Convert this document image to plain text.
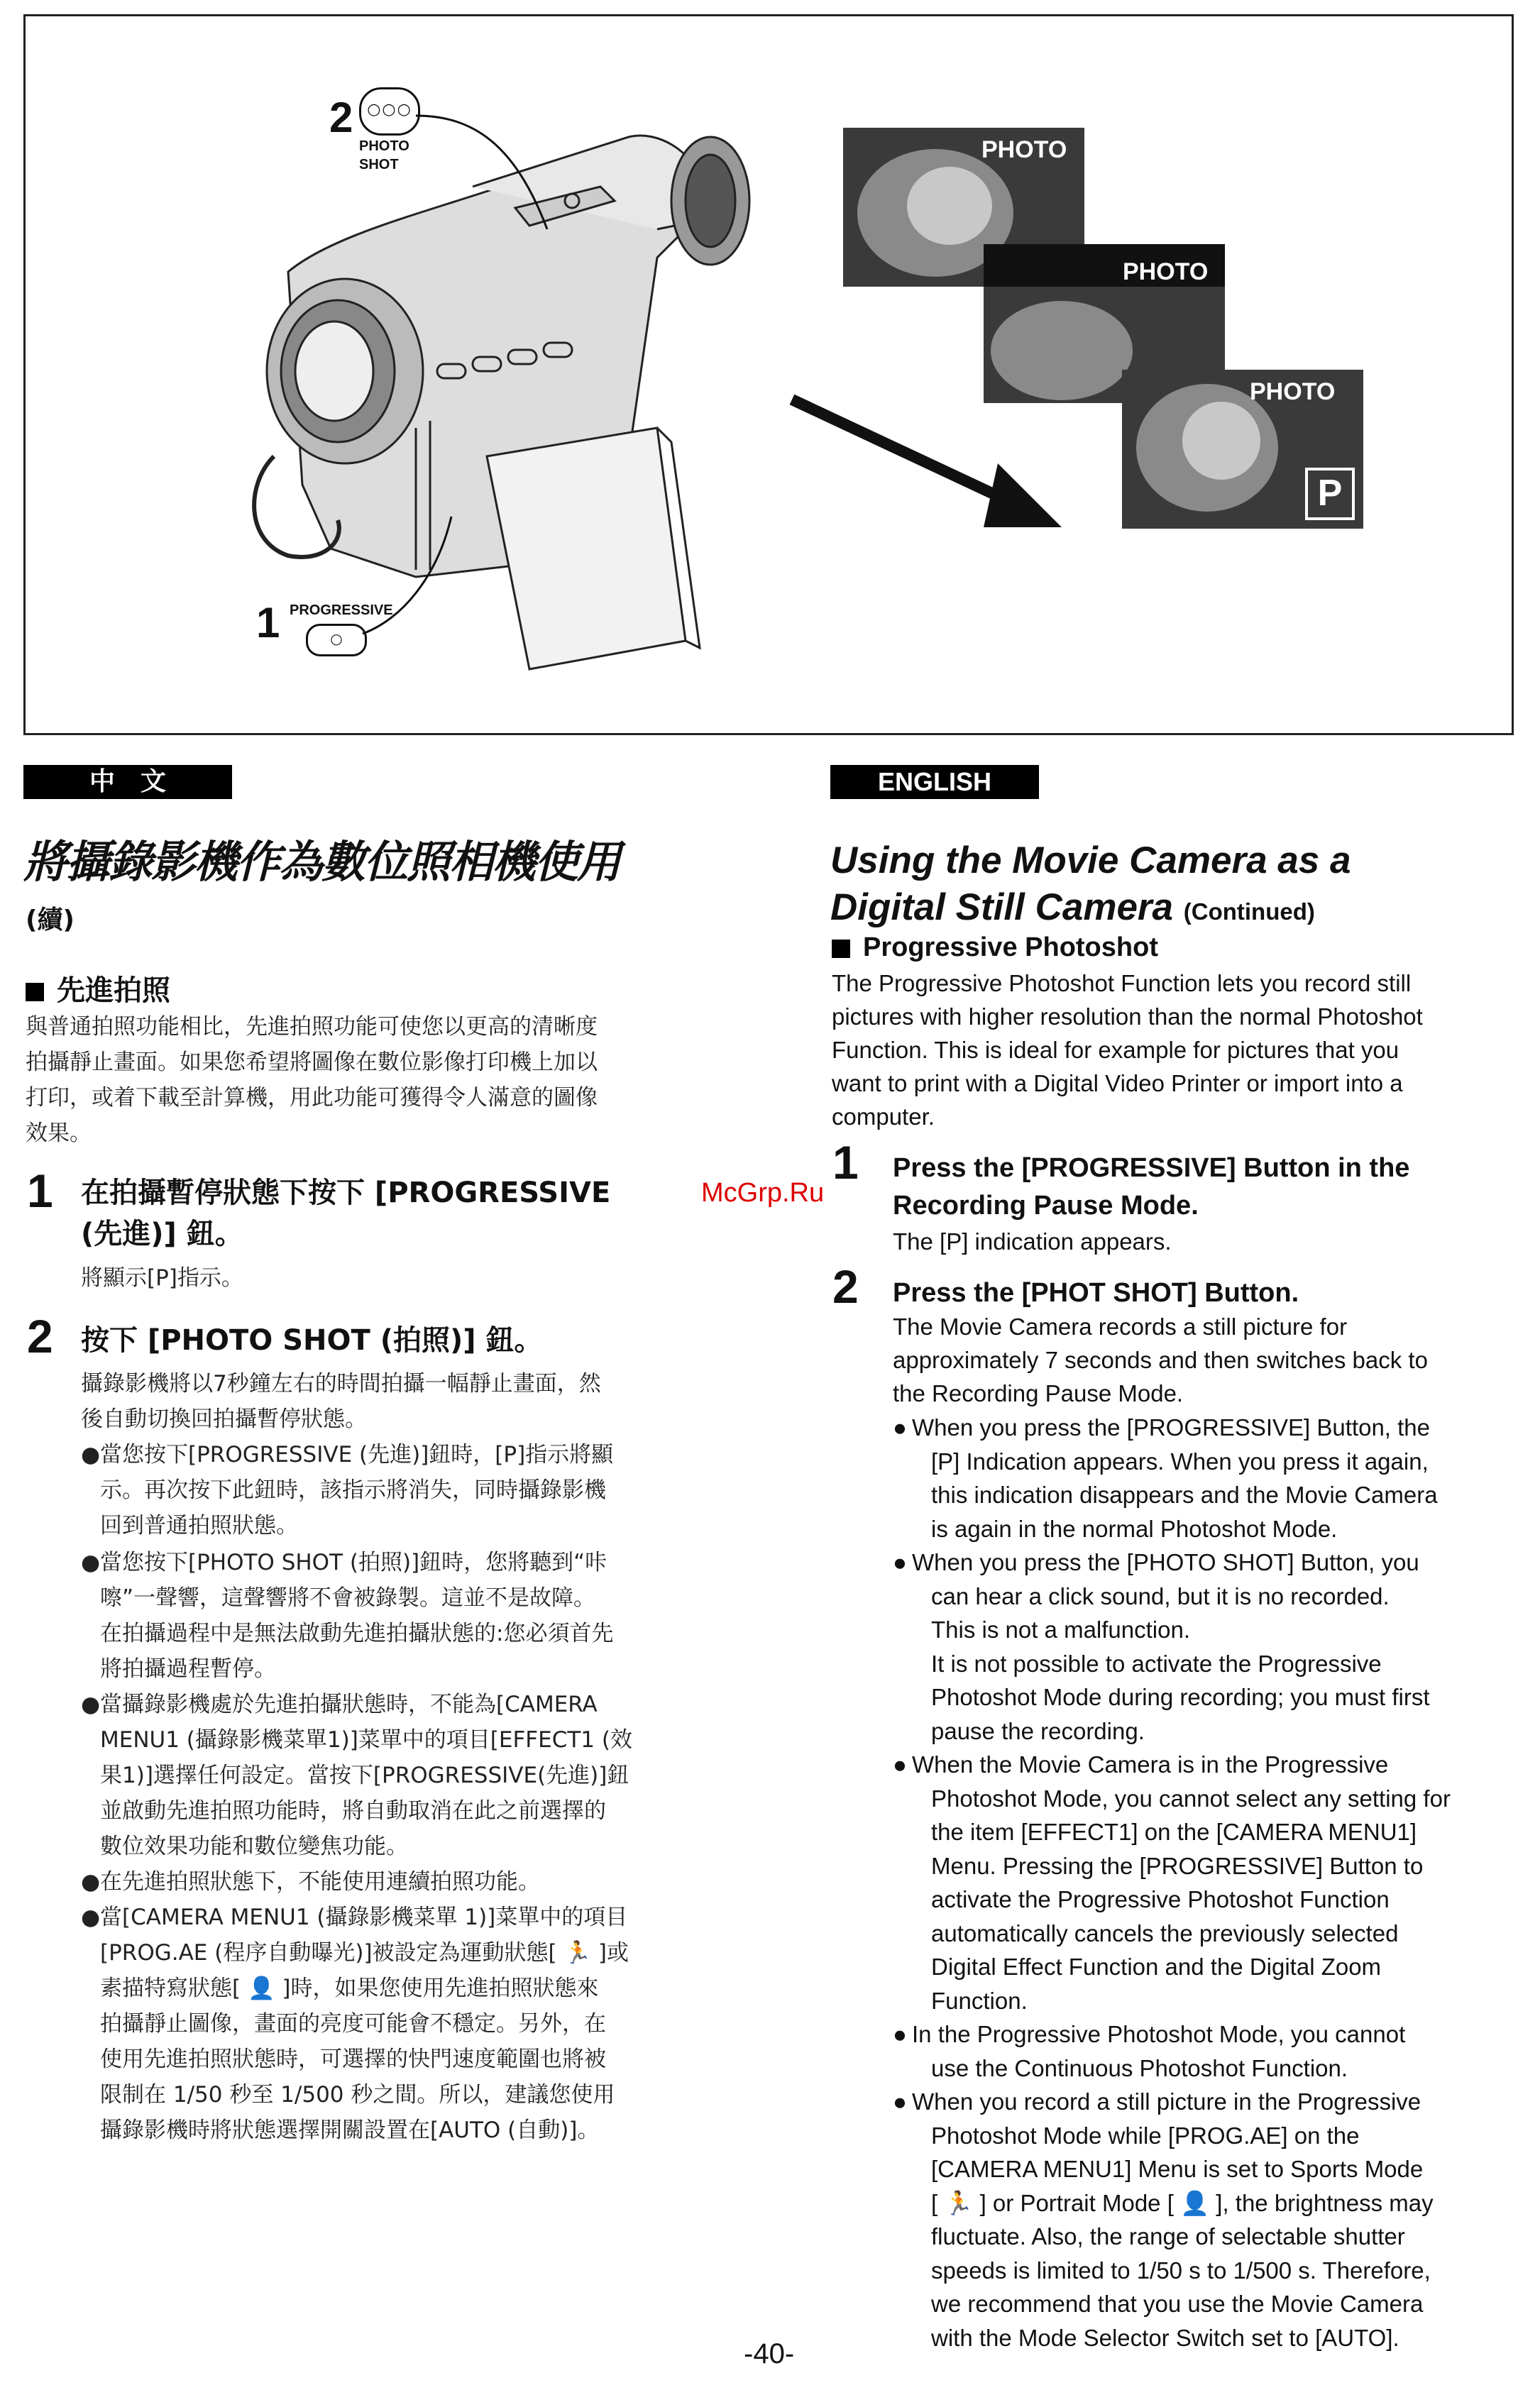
2 ○○○
PHOTO
SHOT
1 PROGRESSIVE
○
PHOTO
PHOTO
PHOTO
P
中　文
將攝錄影機作為數位照相機使用
(續)
先進拍照
與普通拍照功能相比，先進拍照功能可使您以更高的清晰度
拍攝靜止畫面。如果您希望將圖像在數位影像打印機上加以
打印，或着下載至計算機，用此功能可獲得令人滿意的圖像
效果。
1 在拍攝暫停狀態下按下 [PROGRESSIVE
(先進)] 鈕。
將顯示[P]指示。
2 按下 [PHOTO SHOT (拍照)] 鈕。
攝錄影機將以7秒鐘左右的時間拍攝一幅靜止畫面，然
後自動切換回拍攝暫停狀態。
●當您按下[PROGRESSIVE (先進)]鈕時，[P]指示將顯
示。再次按下此鈕時，該指示將消失，同時攝錄影機
回到普通拍照狀態。
●當您按下[PHOTO SHOT (拍照)]鈕時，您將聽到“咔
嚓”一聲響，這聲響將不會被錄製。這並不是故障。
在拍攝過程中是無法啟動先進拍攝狀態的:您必須首先
將拍攝過程暫停。
●當攝錄影機處於先進拍攝狀態時，不能為[CAMERA
MENU1 (攝錄影機菜單1)]菜單中的項目[EFFECT1 (效
果1)]選擇任何設定。當按下[PROGRESSIVE(先進)]鈕
並啟動先進拍照功能時，將自動取消在此之前選擇的
數位效果功能和數位變焦功能。
●在先進拍照狀態下，不能使用連續拍照功能。
●當[CAMERA MENU1 (攝錄影機菜單 1)]菜單中的項目
[PROG.AE (程序自動曝光)]被設定為運動狀態[ 🏃 ]或
素描特寫狀態[ 👤 ]時，如果您使用先進拍照狀態來
拍攝靜止圖像，畫面的亮度可能會不穩定。另外，在
使用先進拍照狀態時，可選擇的快門速度範圍也將被
限制在 1/50 秒至 1/500 秒之間。所以，建議您使用
攝錄影機時將狀態選擇開關設置在[AUTO (自動)]。
McGrp.Ru
ENGLISH
Using the Movie Camera as a
Digital Still Camera (Continued)
Progressive Photoshot
The Progressive Photoshot Function lets you record still
pictures with higher resolution than the normal Photoshot
Function. This is ideal for example for pictures that you
want to print with a Digital Video Printer or import into a
computer.
1 Press the [PROGRESSIVE] Button in the
Recording Pause Mode.
The [P] indication appears.
2 Press the [PHOT SHOT] Button.
The Movie Camera records a still picture for
approximately 7 seconds and then switches back to
the Recording Pause Mode.
● When you press the [PROGRESSIVE] Button, the
[P] Indication appears. When you press it again,
this indication disappears and the Movie Camera
is again in the normal Photoshot Mode.
● When you press the [PHOTO SHOT] Button, you
can hear a click sound, but it is no recorded.
This is not a malfunction.
It is not possible to activate the Progressive
Photoshot Mode during recording; you must first
pause the recording.
● When the Movie Camera is in the Progressive
Photoshot Mode, you cannot select any setting for
the item [EFFECT1] on the [CAMERA MENU1]
Menu. Pressing the [PROGRESSIVE] Button to
activate the Progressive Photoshot Function
automatically cancels the previously selected
Digital Effect Function and the Digital Zoom
Function.
● In the Progressive Photoshot Mode, you cannot
use the Continuous Photoshot Function.
● When you record a still picture in the Progressive
Photoshot Mode while [PROG.AE] on the
[CAMERA MENU1] Menu is set to Sports Mode
[ 🏃 ] or Portrait Mode [ 👤 ], the brightness may
fluctuate. Also, the range of selectable shutter
speeds is limited to 1/50 s to 1/500 s. Therefore,
we recommend that you use the Movie Camera
with the Mode Selector Switch set to [AUTO].
-40-
